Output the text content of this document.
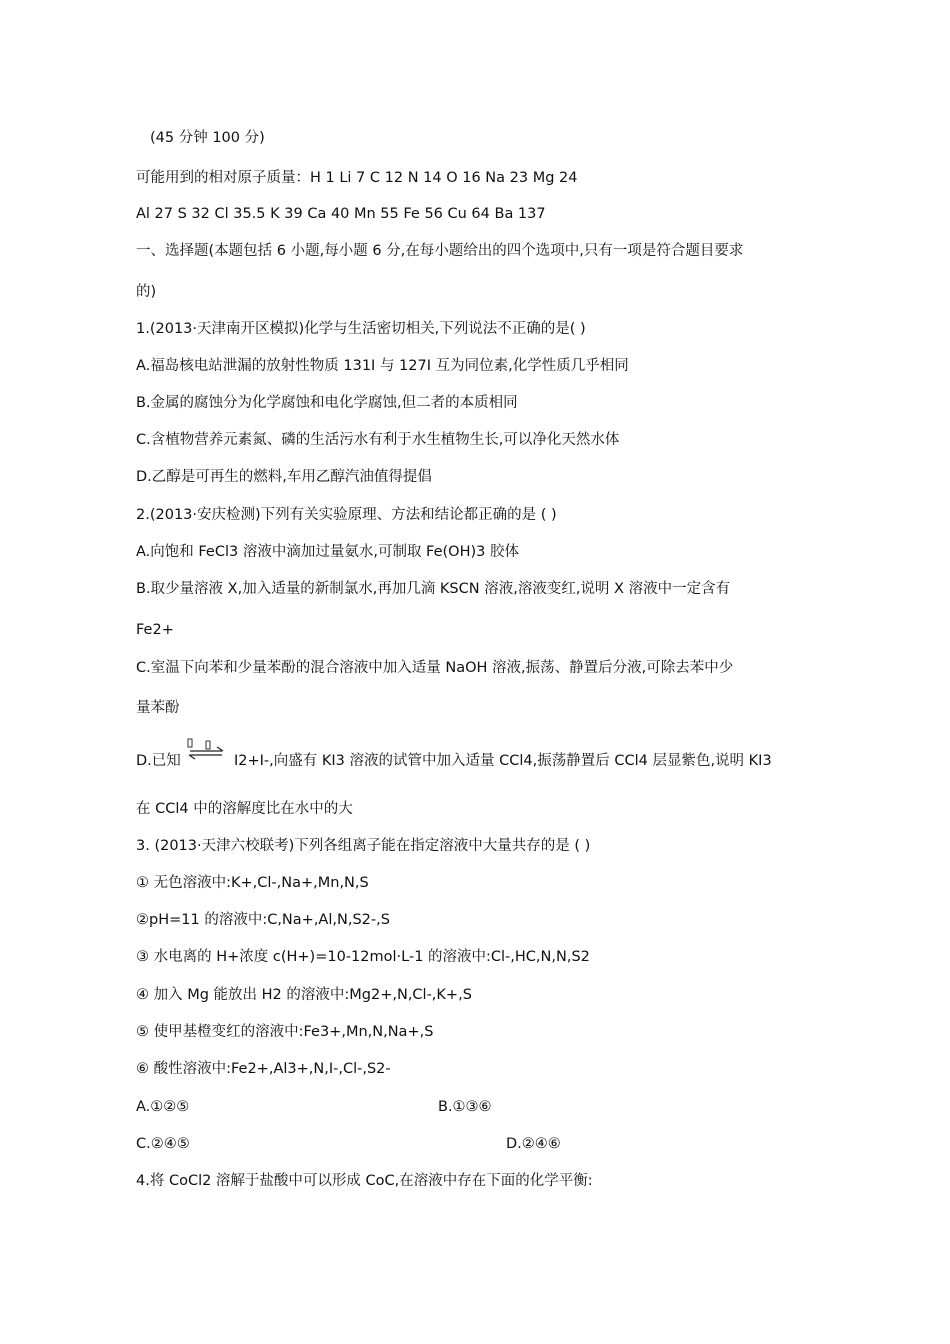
(45 分钟 100 分)
可能用到的相对原子质量：H 1 Li 7 C 12 N 14 O 16 Na 23 Mg 24
Al 27 S 32 Cl 35.5 K 39 Ca 40 Mn 55 Fe 56 Cu 64 Ba 137
一、选择题(本题包括 6 小题,每小题 6 分,在每小题给出的四个选项中,只有一项是符合题目要求
的)
1.(2013·天津南开区模拟)化学与生活密切相关,下列说法不正确的是( )
A.福岛核电站泄漏的放射性物质 131I 与 127I 互为同位素,化学性质几乎相同
B.金属的腐蚀分为化学腐蚀和电化学腐蚀,但二者的本质相同
C.含植物营养元素氮、磷的生活污水有利于水生植物生长,可以净化天然水体
D.乙醇是可再生的燃料,车用乙醇汽油值得提倡
2.(2013·安庆检测)下列有关实验原理、方法和结论都正确的是 ( )
A.向饱和 FeCl3 溶液中滴加过量氨水,可制取 Fe(OH)3 胶体
B.取少量溶液 X,加入适量的新制氯水,再加几滴 KSCN 溶液,溶液变红,说明 X 溶液中一定含有
Fe2+
C.室温下向苯和少量苯酚的混合溶液中加入适量 NaOH 溶液,振荡、静置后分液,可除去苯中少
量苯酚
D.已知	I2+I-,向盛有 KI3 溶液的试管中加入适量 CCl4,振荡静置后 CCl4 层显紫色,说明 KI3
在 CCl4 中的溶解度比在水中的大
3. (2013·天津六校联考)下列各组离子能在指定溶液中大量共存的是 ( )
① 无色溶液中:K+,Cl-,Na+,Mn,N,S
②pH=11 的溶液中:C,Na+,Al,N,S2-,S
③ 水电离的 H+浓度 c(H+)=10-12mol·L-1 的溶液中:Cl-,HC,N,N,S2
④ 加入 Mg 能放出 H2 的溶液中:Mg2+,N,Cl-,K+,S
⑤ 使甲基橙变红的溶液中:Fe3+,Mn,N,Na+,S
⑥ 酸性溶液中:Fe2+,Al3+,N,I-,Cl-,S2-
A.①②⑤	B.①③⑥
C.②④⑤	D.②④⑥
4.将 CoCl2 溶解于盐酸中可以形成 CoC,在溶液中存在下面的化学平衡:
